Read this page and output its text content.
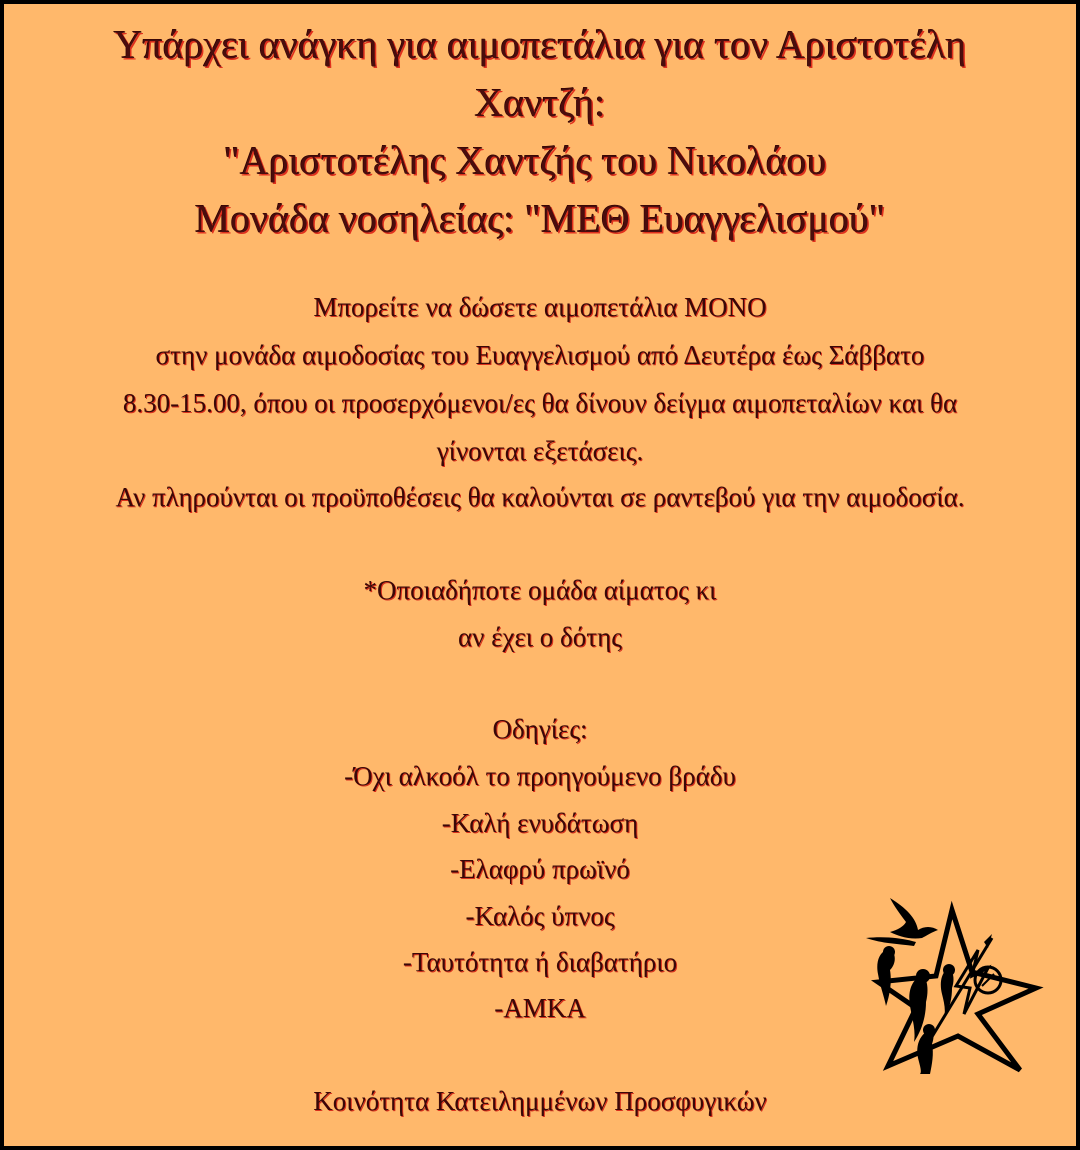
Υπάρχει ανάγκη για αιμοπετάλια για τον Αριστοτέλη
Χαντζή:
"Αριστοτέλης Χαντζής του Νικολάου
Μονάδα νοσηλείας: "ΜΕΘ Ευαγγελισμού"
Μπορείτε να δώσετε αιμοπετάλια ΜΟΝΟ
στην μονάδα αιμοδοσίας του Ευαγγελισμού από Δευτέρα έως Σάββατο
8.30-15.00, όπου οι προσερχόμενοι/ες θα δίνουν δείγμα αιμοπεταλίων και θα
γίνονται εξετάσεις.
Αν πληρούνται οι προϋποθέσεις θα καλούνται σε ραντεβού για την αιμοδοσία.
*Οποιαδήποτε ομάδα αίματος κι
αν έχει ο δότης
Οδηγίες:
-Όχι αλκοόλ το προηγούμενο βράδυ
-Καλή ενυδάτωση
-Ελαφρύ πρωϊνό
-Καλός ύπνος
-Ταυτότητα ή διαβατήριο
-ΑΜΚΑ
Κοινότητα Κατειλημμένων Προσφυγικών
